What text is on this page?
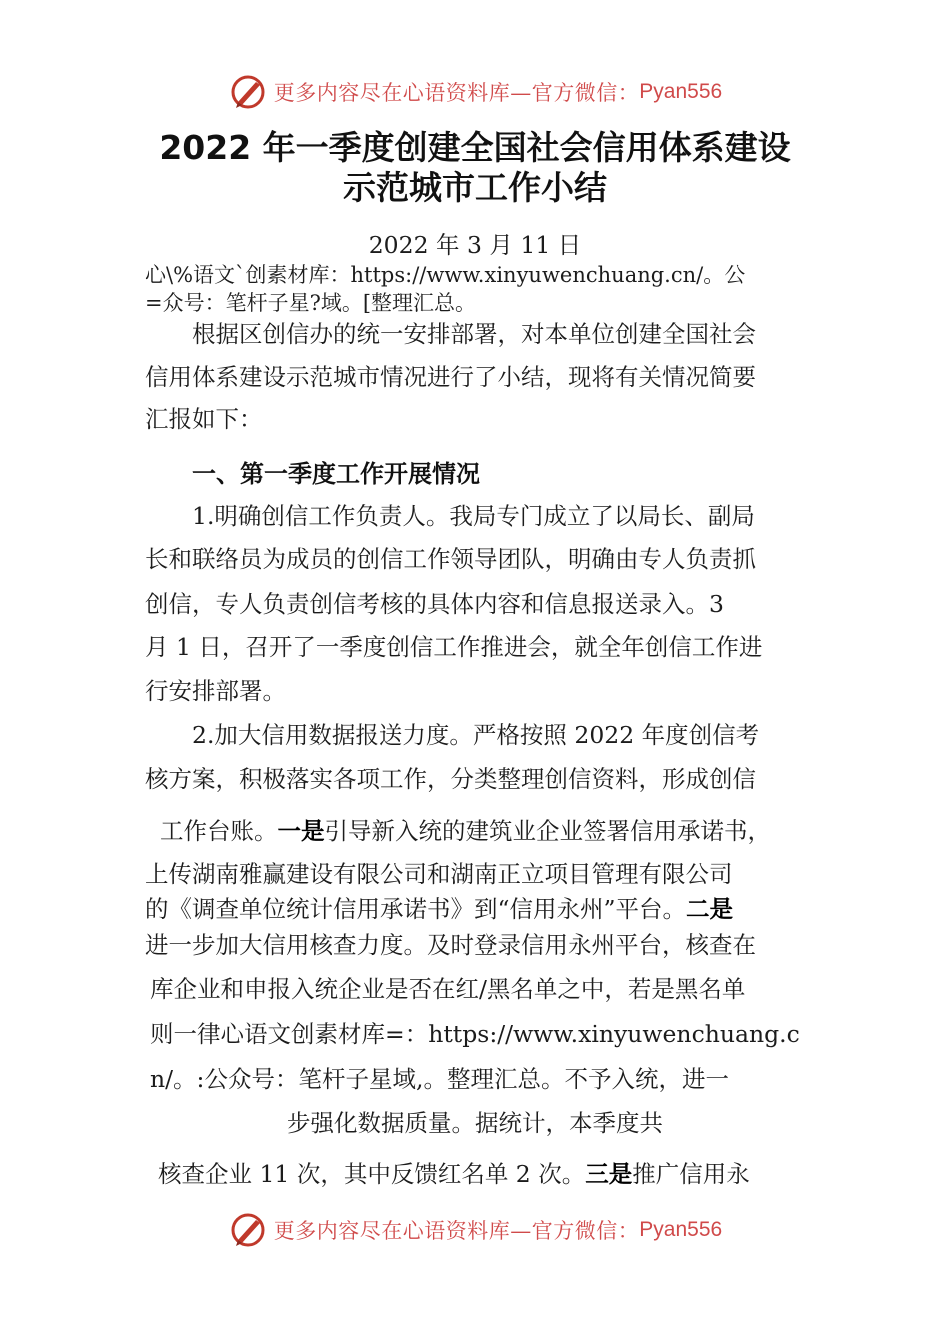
更多内容尽在心语资料库—官方微信： Pyan556
2022 年一季度创建全国社会信用体系建设
示范城市工作小结
2022 年 3 月 11 日
心\%语文`创素材库：https://www.xinyuwenchuang.cn/。公
=众号：笔杆子星?域。[整理汇总。
根据区创信办的统一安排部署，对本单位创建全国社会
信用体系建设示范城市情况进行了小结，现将有关情况简要
汇报如下：
一、第一季度工作开展情况
1.明确创信工作负责人。我局专门成立了以局长、副局
长和联络员为成员的创信工作领导团队，明确由专人负责抓
创信，专人负责创信考核的具体内容和信息报送录入。3
月 1 日，召开了一季度创信工作推进会，就全年创信工作进
行安排部署。
2.加大信用数据报送力度。严格按照 2022 年度创信考
核方案，积极落实各项工作，分类整理创信资料，形成创信
工作台账。一是引导新入统的建筑业企业签署信用承诺书，
上传湖南雅赢建设有限公司和湖南正立项目管理有限公司
的《调查单位统计信用承诺书》到“信用永州”平台。二是
进一步加大信用核查力度。及时登录信用永州平台，核查在
库企业和申报入统企业是否在红/黑名单之中，若是黑名单
则一律心语文创素材库=：https://www.xinyuwenchuang.c
n/。:公众号：笔杆子星域,。整理汇总。不予入统，进一
步强化数据质量。据统计，本季度共
核查企业 11 次，其中反馈红名单 2 次。三是推广信用永
更多内容尽在心语资料库—官方微信： Pyan556
